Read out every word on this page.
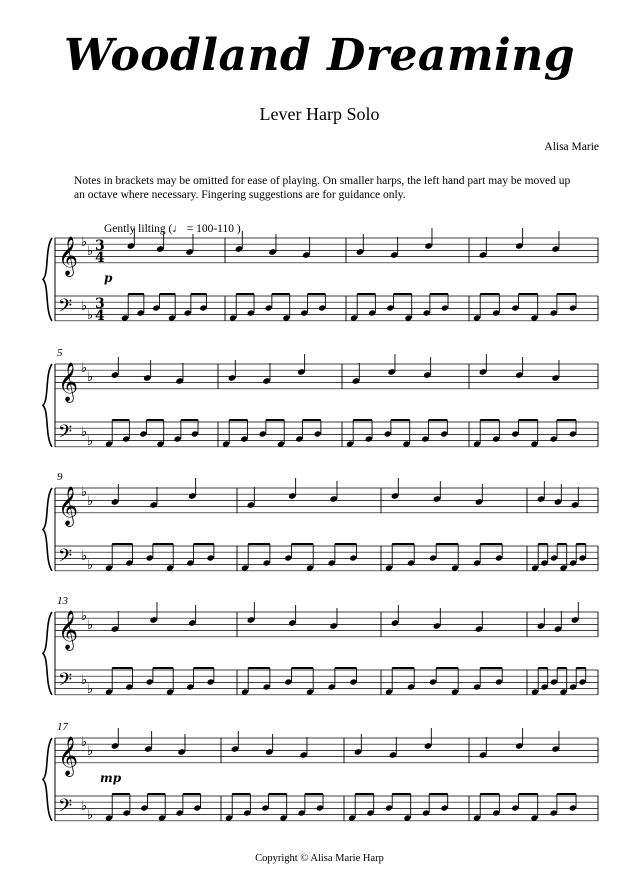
Woodland Dreaming
Lever Harp Solo
Alisa Marie
Notes in brackets may be omitted for ease of playing. On smaller harps, the left hand part may be moved up an octave where necessary. Fingering suggestions are for guidance only.
Gently lilting (♩ = 100-110 )
𝄞 ♭
♭ 3
4
𝄢 ♭
♭
3
4
p
𝄞 ♭
♭
𝄢 ♭
♭
5
𝄞 ♭
♭
𝄢 ♭
♭
9
𝄞 ♭
♭
𝄢 ♭
♭
13
𝄞 ♭
♭
𝄢 ♭
♭
17
mp
Copyright © Alisa Marie Harp
